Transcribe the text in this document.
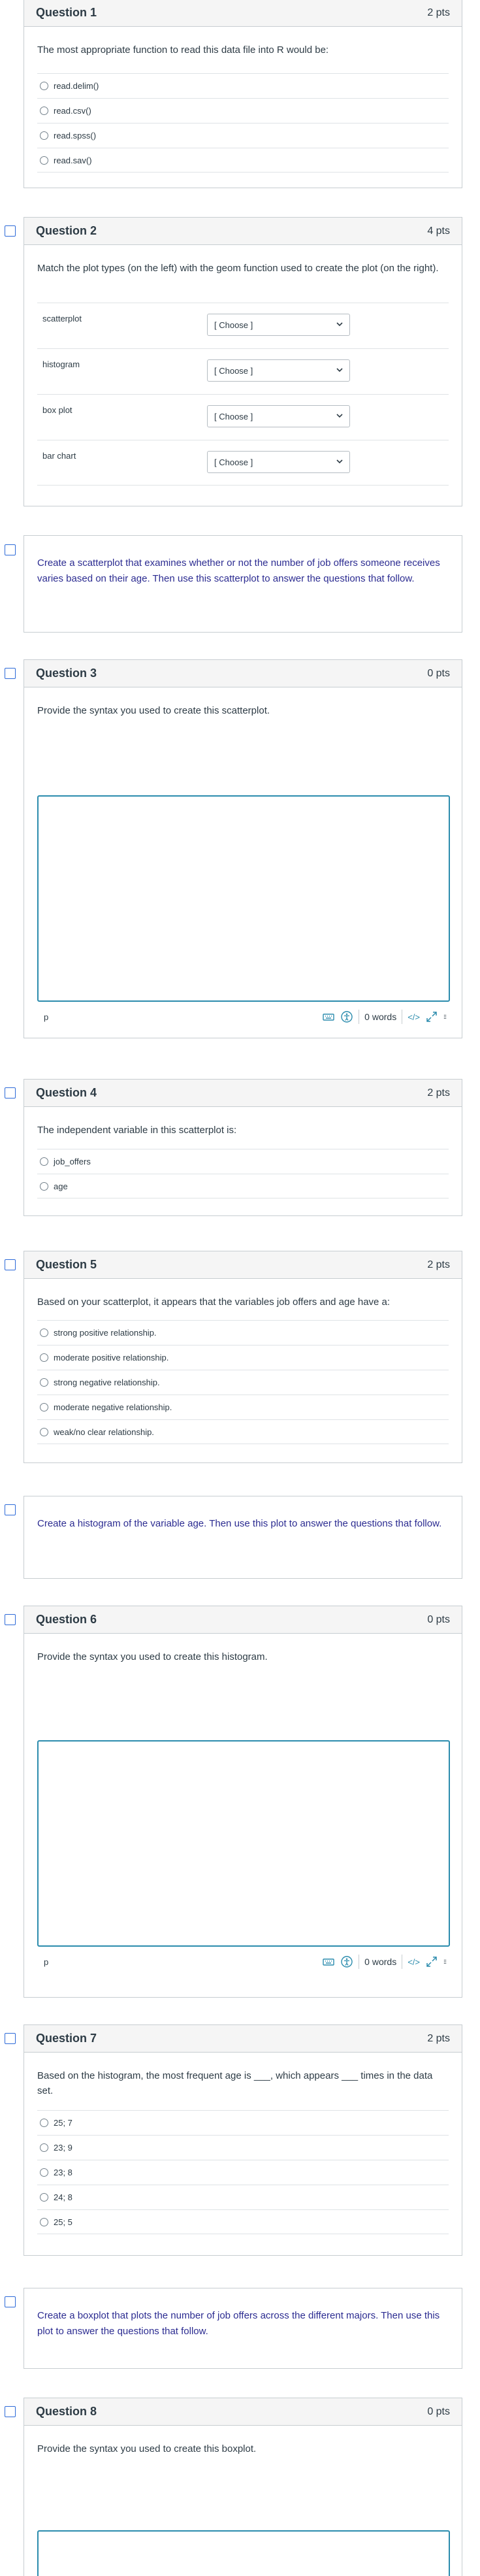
Question 1	2 pts
The most appropriate function to read this data file into R would be:
read.delim()
read.csv()
read.spss()
read.sav()
Question 2	4 pts
Match the plot types (on the left) with the geom function used to create the plot (on the right).
scatterplot
[ Choose ]
histogram
[ Choose ]
box plot
[ Choose ]
bar chart
[ Choose ]
Create a scatterplot that examines whether or not the number of job offers someone receives varies based on their age. Then use this scatterplot to answer the questions that follow.
Question 3	0 pts
Provide the syntax you used to create this scatterplot.
p	0 words	</>
Question 4	2 pts
The independent variable in this scatterplot is:
job_offers
age
Question 5	2 pts
Based on your scatterplot, it appears that the variables job offers and age have a:
strong positive relationship.
moderate positive relationship.
strong negative relationship.
moderate negative relationship.
weak/no clear relationship.
Create a histogram of the variable age. Then use this plot to answer the questions that follow.
Question 6	0 pts
Provide the syntax you used to create this histogram.
p	0 words	</>
Question 7	2 pts
Based on the histogram, the most frequent age is ___, which appears ___ times in the data set.
25; 7
23; 9
23; 8
24; 8
25; 5
Create a boxplot that plots the number of job offers across the different majors. Then use this plot to answer the questions that follow.
Question 8	0 pts
Provide the syntax you used to create this boxplot.
